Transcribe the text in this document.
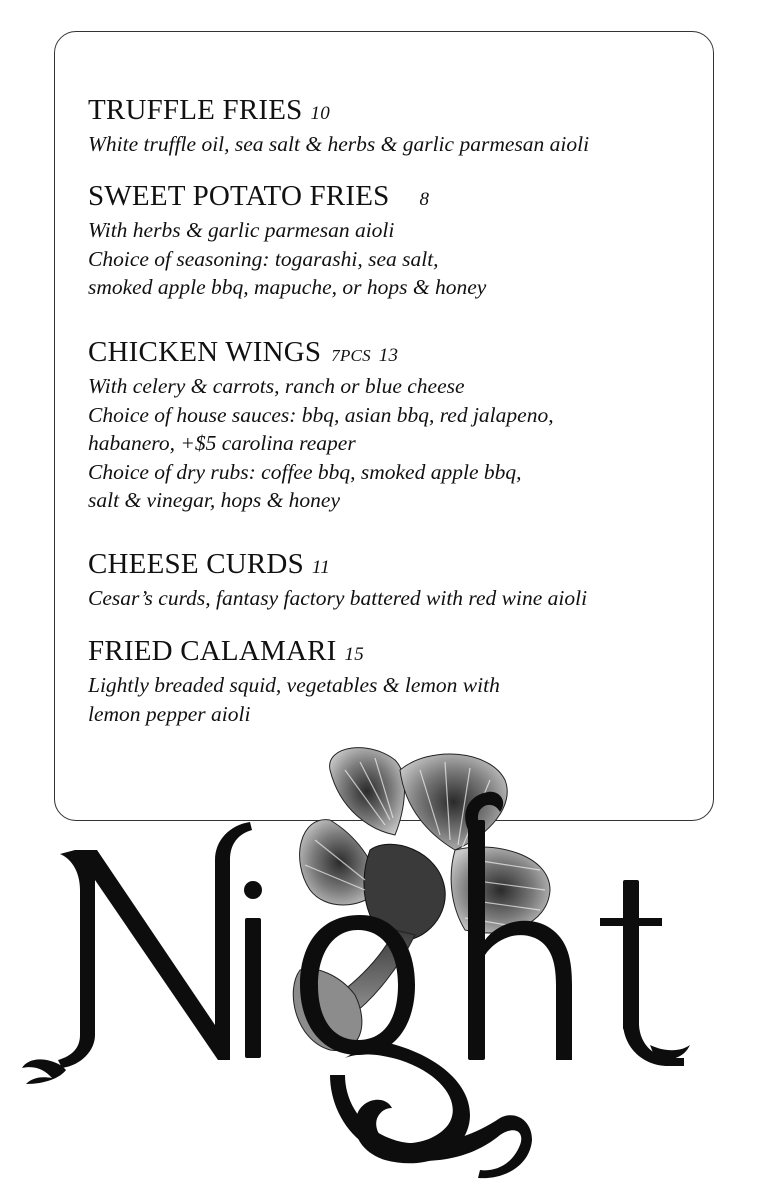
TRUFFLE FRIES 10
White truffle oil, sea salt & herbs & garlic parmesan aioli
SWEET POTATO FRIES 8
With herbs & garlic parmesan aioli
Choice of seasoning: togarashi, sea salt,
smoked apple bbq, mapuche, or hops & honey
CHICKEN WINGS 7PCS 13
With celery & carrots, ranch or blue cheese
Choice of house sauces: bbq, asian bbq, red jalapeno,
habanero, +$5 carolina reaper
Choice of dry rubs: coffee bbq, smoked apple bbq,
salt & vinegar, hops & honey
CHEESE CURDS 11
Cesar’s curds, fantasy factory battered with red wine aioli
FRIED CALAMARI 15
Lightly breaded squid, vegetables & lemon with
lemon pepper aioli
